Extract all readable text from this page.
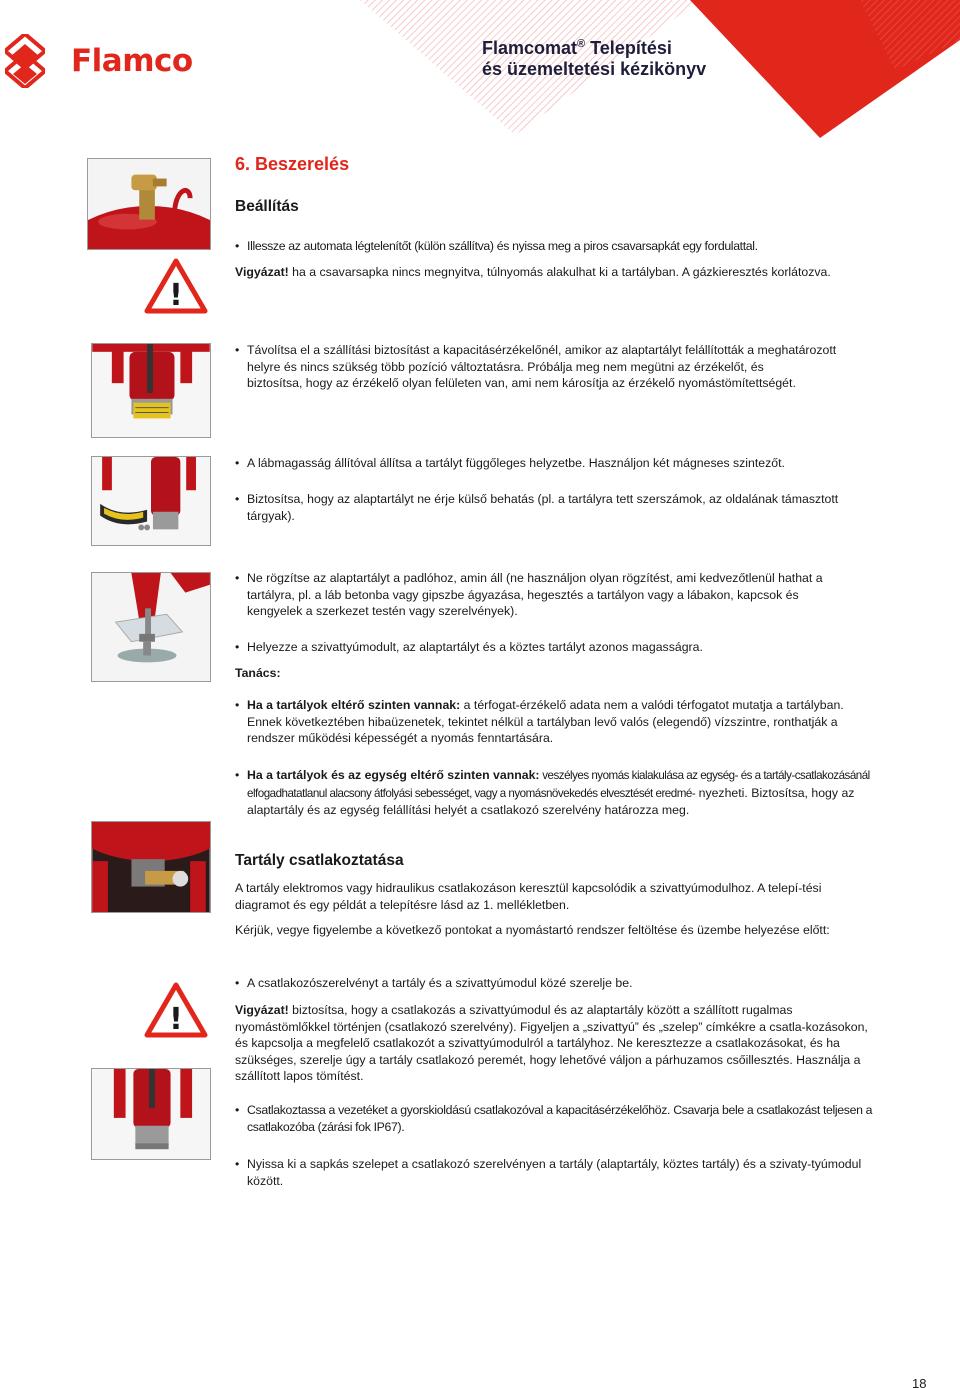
Flamco	Flamcomat® Telepítési
és üzemeltetési kézikönyv
6. Beszerelés
!
!
Beállítás
• Illessze az automata légtelenítőt (külön szállítva) és nyissa meg a piros csavarsapkát egy fordulattal.
Vigyázat! ha a csavarsapka nincs megnyitva, túlnyomás alakulhat ki a tartályban. A gázkieresztés korlátozva.
• Távolítsa el a szállítási biztosítást a kapacitásérzékelőnél, amikor az alaptartályt felállították a meghatározott helyre és nincs szükség több pozíció változtatásra. Próbálja meg nem megütni az érzékelőt, és
biztosítsa, hogy az érzékelő olyan felületen van, ami nem károsítja az érzékelő nyomástömítettségét.
• A lábmagasság állítóval állítsa a tartályt függőleges helyzetbe. Használjon két mágneses szintezőt.
• Biztosítsa, hogy az alaptartályt ne érje külső behatás (pl. a tartályra tett szerszámok, az oldalának támasztott tárgyak).
• Ne rögzítse az alaptartályt a padlóhoz, amin áll (ne használjon olyan rögzítést, ami kedvezőtlenül hathat a tartályra, pl. a láb betonba vagy gipszbe ágyazása, hegesztés a tartályon vagy a lábakon, kapcsok és kengyelek a szerkezet testén vagy szerelvények).
• Helyezze a szivattyúmodult, az alaptartályt és a köztes tartályt azonos magasságra.
Tanács:
• Ha a tartályok eltérő szinten vannak: a térfogat-érzékelő adata nem a valódi térfogatot mutatja a tartályban. Ennek következtében hibaüzenetek, tekintet nélkül a tartályban levő valós (elegendő) vízszintre, ronthatják a rendszer működési képességét a nyomás fenntartására.
• Ha a tartályok és az egység eltérő szinten vannak: veszélyes nyomás kialakulása az egység- és a tartály-csatlakozásánál elfogadhatatlanul alacsony átfolyási sebességet, vagy a nyomásnövekedés elvesztését eredmé- nyezheti. Biztosítsa, hogy az alaptartály és az egység felállítási helyét a csatlakozó szerelvény határozza meg.
Tartály csatlakoztatása
A tartály elektromos vagy hidraulikus csatlakozáson keresztül kapcsolódik a szivattyúmodulhoz. A telepí-tési diagramot és egy példát a telepítésre lásd az 1. mellékletben.
Kérjük, vegye figyelembe a következő pontokat a nyomástartó rendszer feltöltése és üzembe helyezése előtt:
• A csatlakozószerelvényt a tartály és a szivattyúmodul közé szerelje be.
Vigyázat! biztosítsa, hogy a csatlakozás a szivattyúmodul és az alaptartály között a szállított rugalmas nyomástömlőkkel történjen (csatlakozó szerelvény). Figyeljen a „szivattyú” és „szelep” címkékre a csatla-kozásokon, és kapcsolja a megfelelő csatlakozót a szivattyúmodulról a tartályhoz. Ne keresztezze a csatlakozásokat, és ha szükséges, szerelje úgy a tartály csatlakozó peremét, hogy lehetővé váljon a párhuzamos csőillesztés. Használja a szállított lapos tömítést.
• Csatlakoztassa a vezetéket a gyorskioldású csatlakozóval a kapacitásérzékelőhöz. Csavarja bele a csatlakozást teljesen a csatlakozóba (zárási fok IP67).
• Nyissa ki a sapkás szelepet a csatlakozó szerelvényen a tartály (alaptartály, köztes tartály) és a szivaty-tyúmodul között.
18
